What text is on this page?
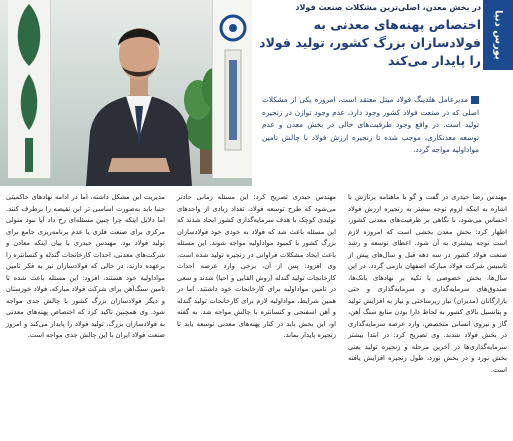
بورس دنیا
در بخش معدن، اصلی‌ترین مشکلات صنعت فولاد
اختصاص پهنه‌های معدنی به فولادسازان بزرگ کشور، تولید فولاد را پایدار می‌کند
مدیرعامل هلدینگ فولاد مبتل معتقد است، امروزه یکی از مشکلات اصلی که در صنعت فولاد کشور وجود دارد، عدم وجود توازن در زنجیره تولید است. در واقع وجود ظرفیت‌های خالی در بخش معدن و عدم توسعه معدنکاری، موجب شده تا زنجیره ارزش فولاد با چالش تامین مواداولیه مواجه گردد.

مهندس رضا حیدری در گفت و گو با ماهنامه پرتاژش با اشاره به اینکه لزوم توجه بیشتر به زنجیره ارزش فولاد احساس می‌شود، با نگاهی بر ظرفیت‌های معدنی کشور، اظهار کرد: بخش معدن بخشی است که امروزه لازم است توجه بیشتری به آن شود. اعطای توسعه و رشد صنعت فولاد کشور در سه دهه قبل و سال‌های پیش از تاسیس شرکت فولاد مبارکه اصفهان بازمی گردد. در این سال‌ها، بخش خصوصی با تکیه بر نهادهای بانک‌ها، صندوق‌های سرمایه‌گذاری و سرمایه‌گذاری و حتی بازارگانان (مدیران) نیاز زیرساختی و نیاز به افزایش تولید و پتانسیل بالای کشور به لحاظ دارا بودن منابع سنگ آهن، گاز و نیروی انسانی متخصص، وارد عرصه سرمایه‌گذاری در بخش فولاد شدند. وی تصریح کرد: در ابتدا بیشتر سرمایه‌گذاری‌ها در آخرین مرحله و زنجیره تولید یعنی بخش نورد و در بخش نورد، طول زنجیره افزایش یافته است.

مهندس حیدری تصریح کرد: این مسئله زمانی حادتر می‌شود که طرح توسعه فولاد، تعداد زیادی از واحدهای تولیدی کوچک با هدف سرمایه‌گذاری کشور ایجاد شدند که این مسئله باعث شد که فولاد به خودی خود فولادسازان بزرگ کشور با کمبود مواداولیه مواجه شوند. این مسئله باعث ایجاد مشکلات فراوانی در زنجیره تولید شده است. وی افزود: پس از آن، برخی وارد عرصه احداث کارخانجات تولید گندله (روش القایی و احیا) شدند و سعی در تامین مواداولیه برای کارخانجات خود داشتند. اما در همین شرایط، مواداولیه لازم برای کارخانجات تولید گندله و آهن اسفنجی و کنسانتره با چالش مواجه شد. به گفته او، این بخش باید در کنار پهنه‌های معدنی توسعه یابد تا زنجیره پایدار بماند.

مدیریت این مشکل داشته، اما در ادامه نهادهای حاکمیتی جنبا باید به‌صورت اساسی تر این نقیصه را برطرف کنند. اما دلایل اینکه چرا چنین مسئله‌ای رخ داد آیا نبود متولی مرکزی برای صنعت فلزی یا عدم برنامه‌ریزی جامع برای تولید فولاد بود. مهندس حیدری با بیان اینکه معادن و شرکت‌های معدنی، احداث کارخانجات گندله و کنسانتره را برعهده دارند، در حالی که فولادسازان نیز به فکر تامین مواداولیه خود هستند، افزود: این مسئله باعث شده تا تامین سنگ‌آهن برای شرکت فولاد مبارکه، فولاد خوزستان و دیگر فولادسازان بزرگ کشور با چالش جدی مواجه شود. وی همچنین تاکید کرد که اختصاص پهنه‌های معدنی به فولادسازان بزرگ، تولید فولاد را پایدار می‌کند و امروز صنعت فولاد ایران با این چالش جدی مواجه است.
